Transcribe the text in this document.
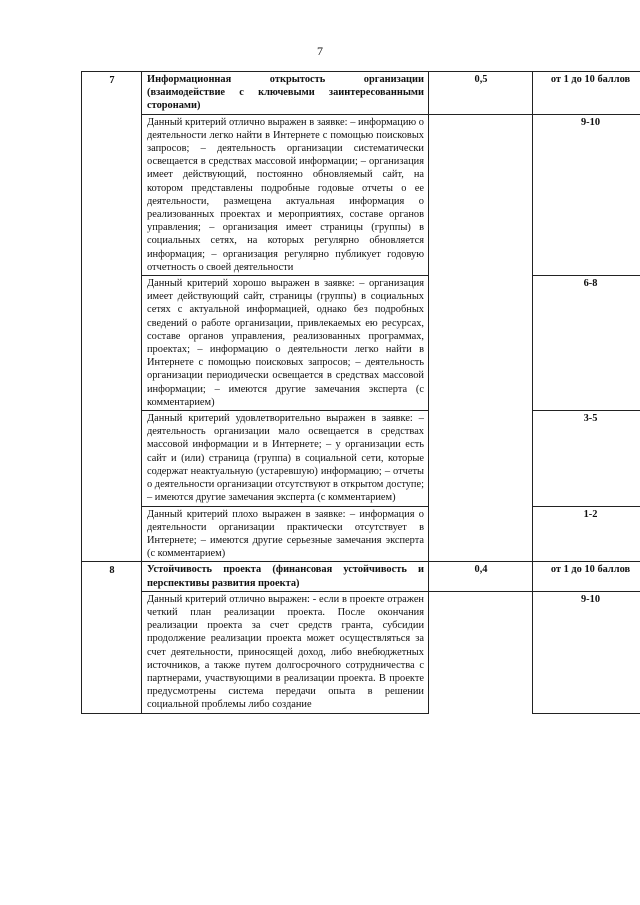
7
7	Информационная открытость организации (взаимодействие с ключевыми заинтересованными сторонами)	0,5	от 1 до 10 баллов
	Данный критерий отлично выражен в заявке: – информацию о деятельности легко найти в Интернете с помощью поисковых запросов; – деятельность организации систематически освещается в средствах массовой информации; – организация имеет действующий, постоянно обновляемый сайт, на котором представлены подробные годовые отчеты о ее деятельности, размещена актуальная информация о реализованных проектах и мероприятиях, составе органов управления; – организация имеет страницы (группы) в социальных сетях, на которых регулярно обновляется информация; – организация регулярно публикует годовую отчетность о своей деятельности		9-10
	Данный критерий хорошо выражен в заявке: – организация имеет действующий сайт, страницы (группы) в социальных сетях с актуальной информацией, однако без подробных сведений о работе организации, привлекаемых ею ресурсах, составе органов управления, реализованных программах, проектах; – информацию о деятельности легко найти в Интернете с помощью поисковых запросов; – деятельность организации периодически освещается в средствах массовой информации; – имеются другие замечания эксперта (с комментарием)		6-8
	Данный критерий удовлетворительно выражен в заявке: – деятельность организации мало освещается в средствах массовой информации и в Интернете; – у организации есть сайт и (или) страница (группа) в социальной сети, которые содержат неактуальную (устаревшую) информацию; – отчеты о деятельности организации отсутствуют в открытом доступе; – имеются другие замечания эксперта (с комментарием)		3-5
	Данный критерий плохо выражен в заявке: – информация о деятельности организации практически отсутствует в Интернете; – имеются другие серьезные замечания эксперта (с комментарием)		1-2
8	Устойчивость проекта (финансовая устойчивость и перспективы развития проекта)	0,4	от 1 до 10 баллов
	Данный критерий отлично выражен: - если в проекте отражен четкий план реализации проекта. После окончания реализации проекта за счет средств гранта, субсидии продолжение реализации проекта может осуществляться за счет деятельности, приносящей доход, либо внебюджетных источников, а также путем долгосрочного сотрудничества с партнерами, участвующими в реализации проекта. В проекте предусмотрены система передачи опыта в решении социальной проблемы либо создание		9-10
